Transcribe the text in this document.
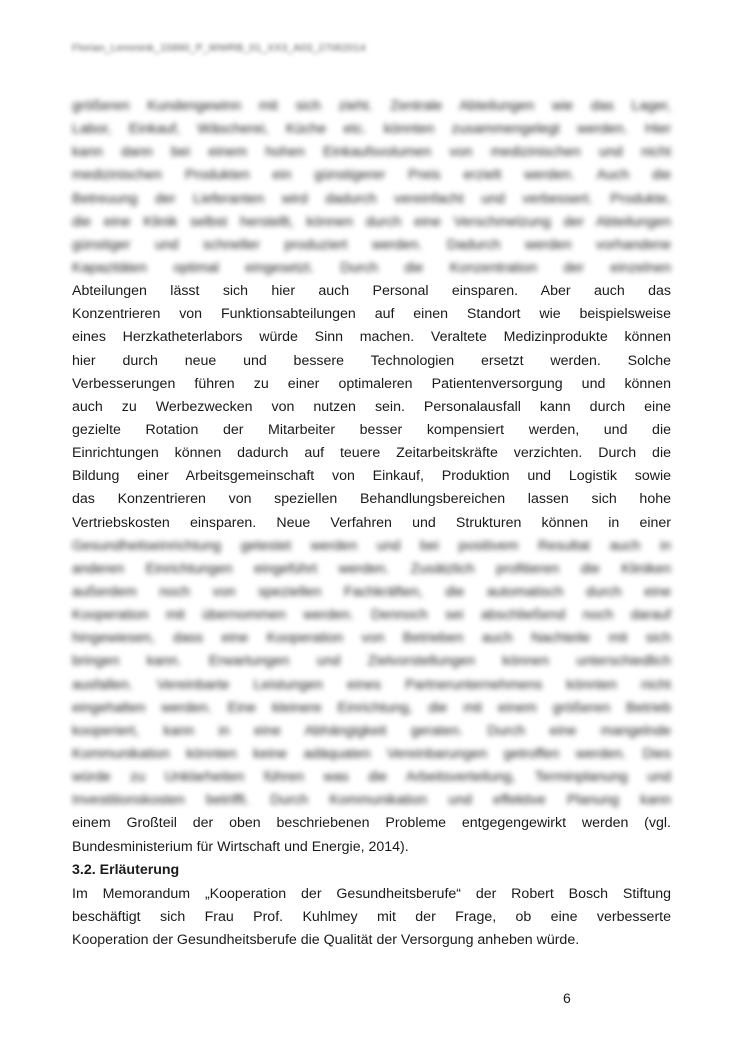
Florian_Lemmink_15890_P_WWRB_01_XX3_A03_27062014
größeren Kundengewinn mit sich zieht. Zentrale Abteilungen wie das Lager,
Labor, Einkauf, Wäscherei, Küche etc. könnten zusammengelegt werden. Hier
kann dann bei einem hohen Einkaufsvolumen von medizinischen und nicht
medizinischen Produkten ein günstigerer Preis erzielt werden. Auch die
Betreuung der Lieferanten wird dadurch vereinfacht und verbessert. Produkte,
die eine Klinik selbst herstellt, können durch eine Verschmelzung der Abteilungen
günstiger und schneller produziert werden. Dadurch werden vorhandene
Kapazitäten optimal eingesetzt. Durch die Konzentration der einzelnen
Abteilungen lässt sich hier auch Personal einsparen. Aber auch das
Konzentrieren von Funktionsabteilungen auf einen Standort wie beispielsweise
eines Herzkatheterlabors würde Sinn machen. Veraltete Medizinprodukte können
hier durch neue und bessere Technologien ersetzt werden. Solche
Verbesserungen führen zu einer optimaleren Patientenversorgung und können
auch zu Werbezwecken von nutzen sein. Personalausfall kann durch eine
gezielte Rotation der Mitarbeiter besser kompensiert werden, und die
Einrichtungen können dadurch auf teuere Zeitarbeitskräfte verzichten. Durch die
Bildung einer Arbeitsgemeinschaft von Einkauf, Produktion und Logistik sowie
das Konzentrieren von speziellen Behandlungsbereichen lassen sich hohe
Vertriebskosten einsparen. Neue Verfahren und Strukturen können in einer
Gesundheitseinrichtung getestet werden und bei positivem Resultat auch in
anderen Einrichtungen eingeführt werden. Zusätzlich profitieren die Kliniken
außerdem noch von speziellen Fachkräften, die automatisch durch eine
Kooperation mit übernommen werden. Dennoch sei abschließend noch darauf
hingewiesen, dass eine Kooperation von Betrieben auch Nachteile mit sich
bringen kann. Erwartungen und Zielvorstellungen können unterschiedlich
ausfallen. Vereinbarte Leistungen eines Partnerunternehmens könnten nicht
eingehalten werden. Eine kleinere Einrichtung, die mit einem größeren Betrieb
kooperiert, kann in eine Abhängigkeit geraten. Durch eine mangelnde
Kommunikation könnten keine adäquaten Vereinbarungen getroffen werden. Dies
würde zu Unklarheiten führen was die Arbeitsverteilung, Terminplanung und
Investitionskosten betrifft. Durch Kommunikation und effektive Planung kann
einem Großteil der oben beschriebenen Probleme entgegengewirkt werden (vgl.
Bundesministerium für Wirtschaft und Energie, 2014).
3.2. Erläuterung
Im Memorandum „Kooperation der Gesundheitsberufe“ der Robert Bosch Stiftung
beschäftigt sich Frau Prof. Kuhlmey mit der Frage, ob eine verbesserte
Kooperation der Gesundheitsberufe die Qualität der Versorgung anheben würde.
6
